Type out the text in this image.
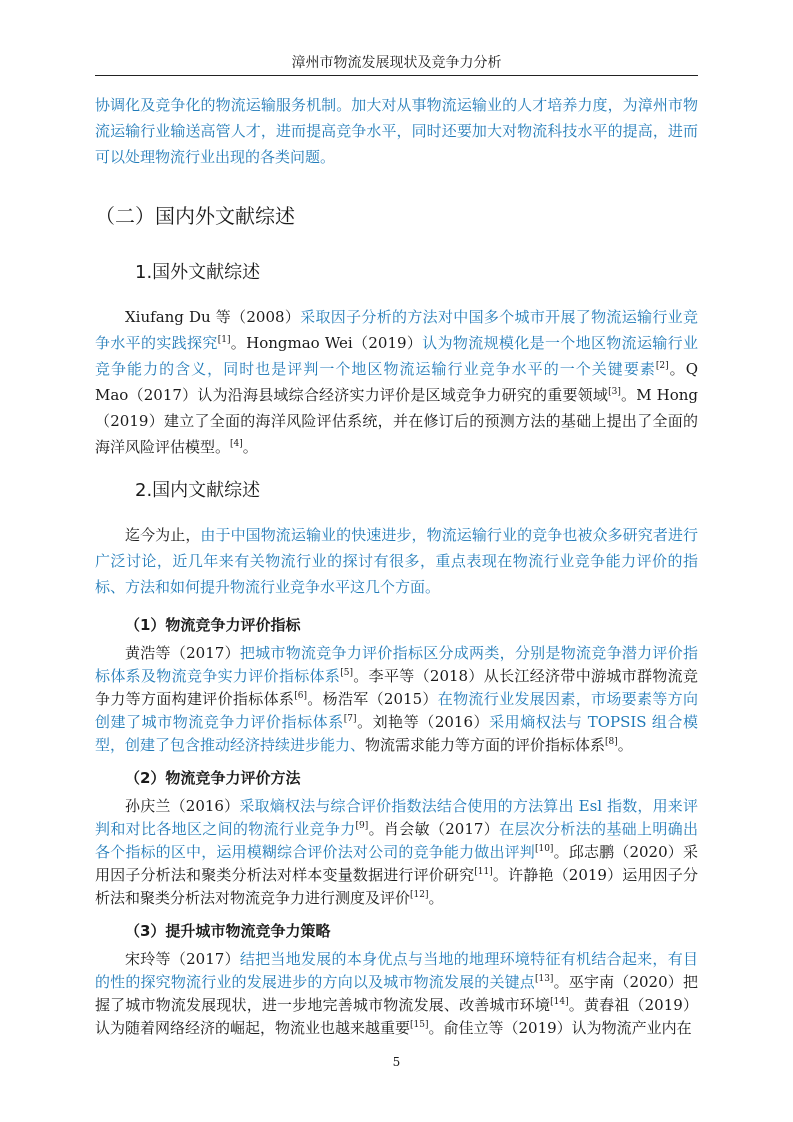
漳州市物流发展现状及竞争力分析

协调化及竞争化的物流运输服务机制。加大对从事物流运输业的人才培养力度，为漳州市物流运输行业输送高管人才，进而提高竞争水平，同时还要加大对物流科技水平的提高，进而可以处理物流行业出现的各类问题。

（二）国内外文献综述
1.国外文献综述

Xiufang Du 等（2008）采取因子分析的方法对中国多个城市开展了物流运输行业竞争水平的实践探究[1]。Hongmao Wei（2019）认为物流规模化是一个地区物流运输行业竞争能力的含义，同时也是评判一个地区物流运输行业竞争水平的一个关键要素[2]。Q Mao（2017）认为沿海县域综合经济实力评价是区域竞争力研究的重要领域[3]。M Hong（2019）建立了全面的海洋风险评估系统，并在修订后的预测方法的基础上提出了全面的海洋风险评估模型。[4]。

2.国内文献综述

迄今为止，由于中国物流运输业的快速进步，物流运输行业的竞争也被众多研究者进行广泛讨论，近几年来有关物流行业的探讨有很多，重点表现在物流行业竞争能力评价的指标、方法和如何提升物流行业竞争水平这几个方面。

（1）物流竞争力评价指标

黄浩等（2017）把城市物流竞争力评价指标区分成两类，分别是物流竞争潜力评价指标体系及物流竞争实力评价指标体系[5]。李平等（2018）从长江经济带中游城市群物流竞争力等方面构建评价指标体系[6]。杨浩军（2015）在物流行业发展因素，市场要素等方向创建了城市物流竞争力评价指标体系[7]。刘艳等（2016）采用熵权法与 TOPSIS 组合模型，创建了包含推动经济持续进步能力、物流需求能力等方面的评价指标体系[8]。

（2）物流竞争力评价方法

孙庆兰（2016）采取熵权法与综合评价指数法结合使用的方法算出 Esl 指数，用来评判和对比各地区之间的物流行业竞争力[9]。肖会敏（2017）在层次分析法的基础上明确出各个指标的区中，运用模糊综合评价法对公司的竞争能力做出评判[10]。邱志鹏（2020）采用因子分析法和聚类分析法对样本变量数据进行评价研究[11]。许静艳（2019）运用因子分析法和聚类分析法对物流竞争力进行测度及评价[12]。

（3）提升城市物流竞争力策略

宋玲等（2017）结把当地发展的本身优点与当地的地理环境特征有机结合起来，有目的性的探究物流行业的发展进步的方向以及城市物流发展的关键点[13]。巫宇南（2020）把握了城市物流发展现状，进一步地完善城市物流发展、改善城市环境[14]。黄舂祖（2019）认为随着网络经济的崛起，物流业也越来越重要[15]。俞佳立等（2019）认为物流产业内在

5
